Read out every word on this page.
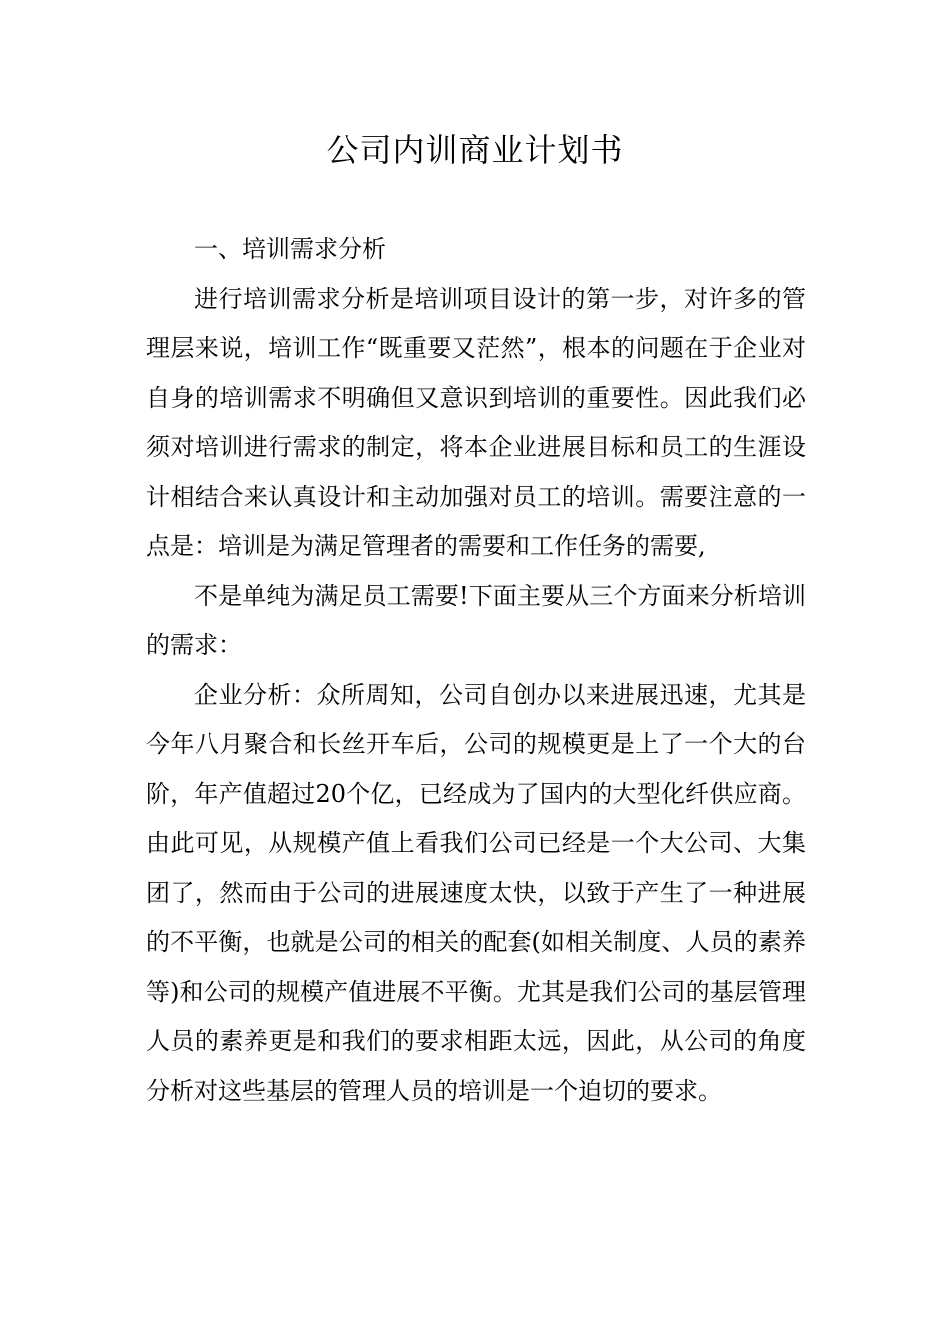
公司内训商业计划书

一、培训需求分析

进行培训需求分析是培训项目设计的第一步，对许多的管理层来说，培训工作“既重要又茫然”，根本的问题在于企业对自身的培训需求不明确但又意识到培训的重要性。因此我们必须对培训进行需求的制定，将本企业进展目标和员工的生涯设计相结合来认真设计和主动加强对员工的培训。需要注意的一点是：培训是为满足管理者的需要和工作任务的需要,

不是单纯为满足员工需要!下面主要从三个方面来分析培训的需求：

企业分析：众所周知，公司自创办以来进展迅速，尤其是今年八月聚合和长丝开车后，公司的规模更是上了一个大的台阶，年产值超过20个亿，已经成为了国内的大型化纤供应商。由此可见，从规模产值上看我们公司已经是一个大公司、大集团了，然而由于公司的进展速度太快，以致于产生了一种进展的不平衡，也就是公司的相关的配套(如相关制度、人员的素养等)和公司的规模产值进展不平衡。尤其是我们公司的基层管理人员的素养更是和我们的要求相距太远，因此，从公司的角度分析对这些基层的管理人员的培训是一个迫切的要求。
